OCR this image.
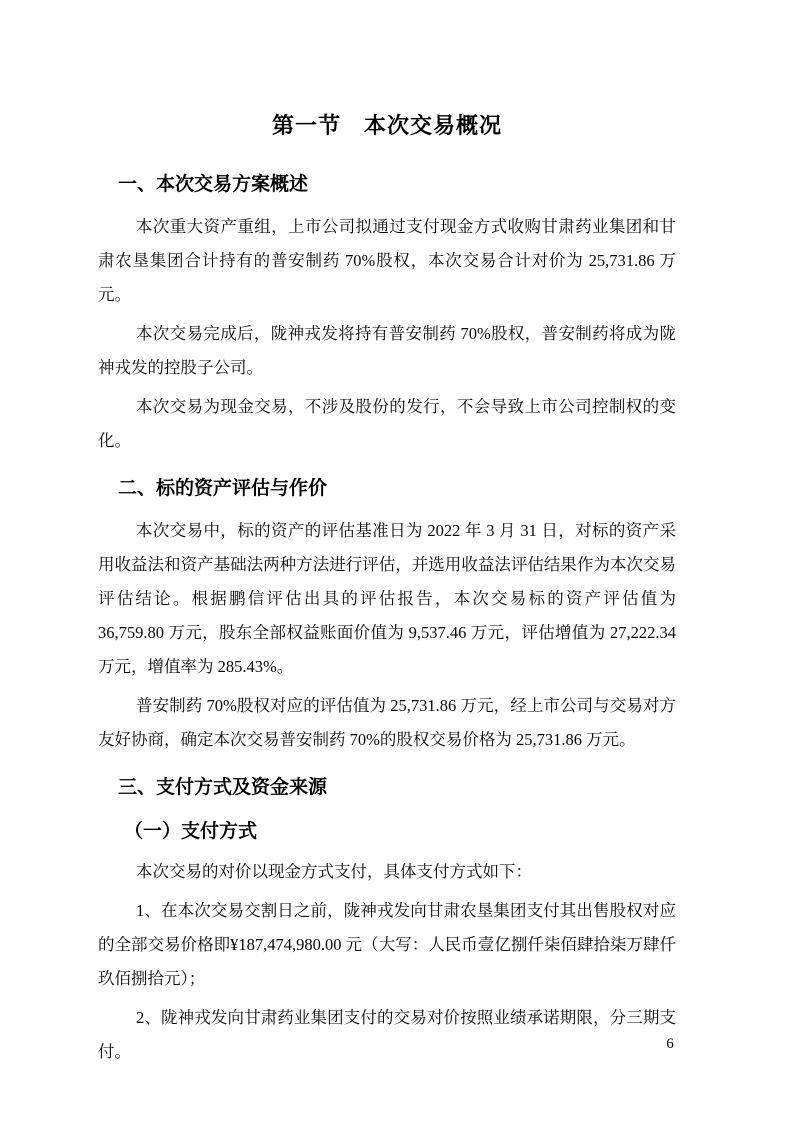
第一节　本次交易概况
一、本次交易方案概述

本次重大资产重组，上市公司拟通过支付现金方式收购甘肃药业集团和甘肃农垦集团合计持有的普安制药 70%股权，本次交易合计对价为 25,731.86 万元。

本次交易完成后，陇神戎发将持有普安制药 70%股权，普安制药将成为陇神戎发的控股子公司。

本次交易为现金交易，不涉及股份的发行，不会导致上市公司控制权的变化。

二、标的资产评估与作价

本次交易中，标的资产的评估基准日为 2022 年 3 月 31 日，对标的资产采用收益法和资产基础法两种方法进行评估，并选用收益法评估结果作为本次交易评估结论。根据鹏信评估出具的评估报告，本次交易标的资产评估值为 36,759.80 万元，股东全部权益账面价值为 9,537.46 万元，评估增值为 27,222.34 万元，增值率为 285.43%。

普安制药 70%股权对应的评估值为 25,731.86 万元，经上市公司与交易对方友好协商，确定本次交易普安制药 70%的股权交易价格为 25,731.86 万元。

三、支付方式及资金来源
（一）支付方式

本次交易的对价以现金方式支付，具体支付方式如下：

1、在本次交易交割日之前，陇神戎发向甘肃农垦集团支付其出售股权对应的全部交易价格即¥187,474,980.00 元（大写：人民币壹亿捌仟柒佰肆拾柒万肆仟玖佰捌拾元）；

2、陇神戎发向甘肃药业集团支付的交易对价按照业绩承诺期限，分三期支付。	6
